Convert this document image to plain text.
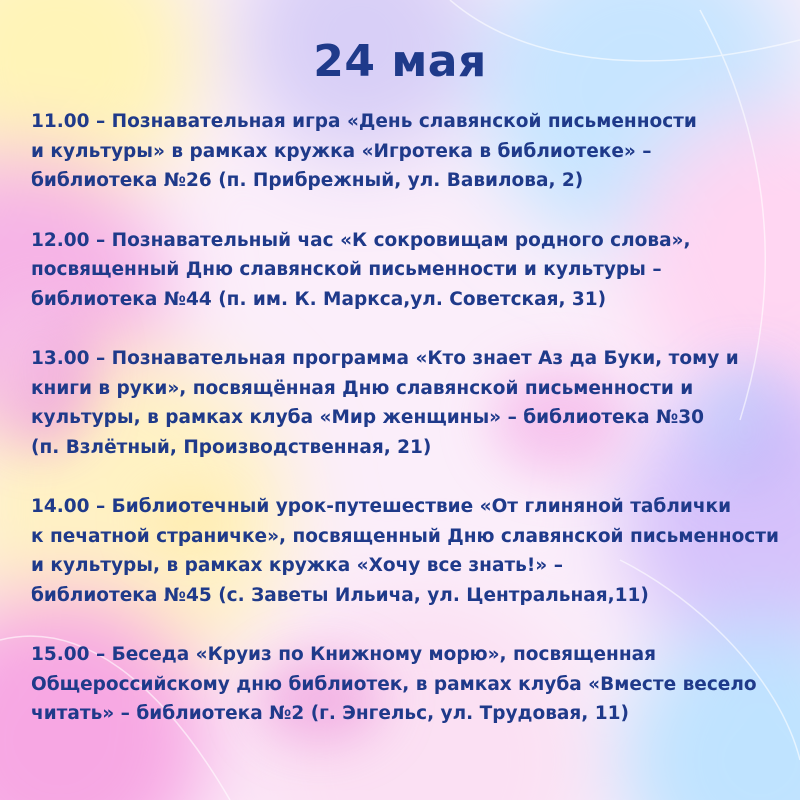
24 мая
11.00 – Познавательная игра «День славянской письменности
и культуры» в рамках кружка «Игротека в библиотеке» –
библиотека №26 (п. Прибрежный, ул. Вавилова, 2)
12.00 – Познавательный час «К сокровищам родного слова»,
посвященный Дню славянской письменности и культуры –
библиотека №44 (п. им. К. Маркса,ул. Советская, 31)
13.00 – Познавательная программа «Кто знает Аз да Буки, тому и
книги в руки», посвящённая Дню славянской письменности и
культуры, в рамках клуба «Мир женщины» – библиотека №30
(п. Взлётный, Производственная, 21)
14.00 – Библиотечный урок-путешествие «От глиняной таблички
к печатной страничке», посвященный Дню славянской письменности
и культуры, в рамках кружка «Хочу все знать!» –
библиотека №45 (с. Заветы Ильича, ул. Центральная,11)
15.00 – Беседа «Круиз по Книжному морю», посвященная
Общероссийскому дню библиотек, в рамках клуба «Вместе весело
читать» – библиотека №2 (г. Энгельс, ул. Трудовая, 11)
